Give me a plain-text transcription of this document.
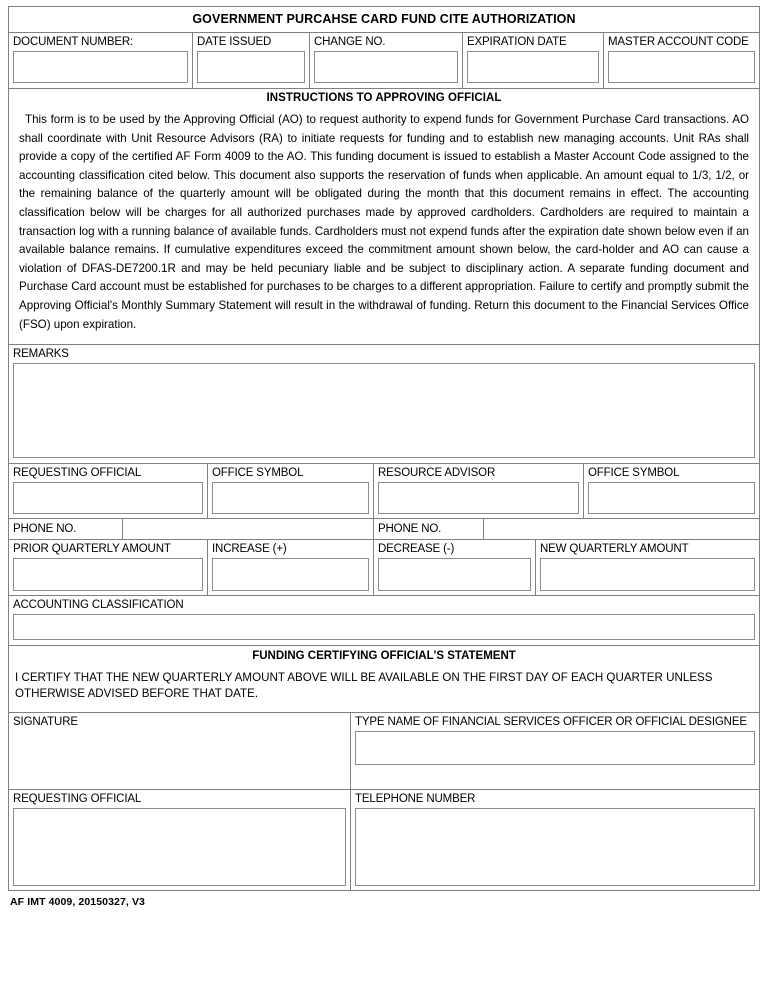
GOVERNMENT PURCAHSE CARD FUND CITE AUTHORIZATION
DOCUMENT NUMBER:	DATE ISSUED	CHANGE NO.	EXPIRATION DATE	MASTER ACCOUNT CODE
INSTRUCTIONS TO APPROVING OFFICIAL
This form is to be used by the Approving Official (AO) to request authority to expend funds for Government Purchase Card transactions. AO shall coordinate with Unit Resource Advisors (RA) to initiate requests for funding and to establish new managing accounts. Unit RAs shall provide a copy of the certified AF Form 4009 to the AO. This funding document is issued to establish a Master Account Code assigned to the accounting classification cited below. This document also supports the reservation of funds when applicable. An amount equal to 1/3, 1/2, or the remaining balance of the quarterly amount will be obligated during the month that this document remains in effect. The accounting classification below will be charges for all authorized purchases made by approved cardholders. Cardholders are required to maintain a transaction log with a running balance of available funds. Cardholders must not expend funds after the expiration date shown below even if an available balance remains. If cumulative expenditures exceed the commitment amount shown below, the card-holder and AO can cause a violation of DFAS-DE7200.1R and may be held pecuniary liable and be subject to disciplinary action. A separate funding document and Purchase Card account must be established for purchases to be charges to a different appropriation. Failure to certify and promptly submit the Approving Official's Monthly Summary Statement will result in the withdrawal of funding. Return this document to the Financial Services Office (FSO) upon expiration.
REMARKS
REQUESTING OFFICIAL	OFFICE SYMBOL	RESOURCE ADVISOR	OFFICE SYMBOL
PHONE NO.	PHONE NO.
PRIOR QUARTERLY AMOUNT	INCREASE (+)	DECREASE (-)	NEW QUARTERLY AMOUNT
ACCOUNTING CLASSIFICATION
FUNDING CERTIFYING OFFICIAL'S STATEMENT
I CERTIFY THAT THE NEW QUARTERLY AMOUNT ABOVE WILL BE AVAILABLE ON THE FIRST DAY OF EACH QUARTER UNLESS OTHERWISE ADVISED BEFORE THAT DATE.
SIGNATURE	TYPE NAME OF FINANCIAL SERVICES OFFICER OR OFFICIAL DESIGNEE
REQUESTING OFFICIAL	TELEPHONE NUMBER
AF IMT 4009, 20150327, V3
